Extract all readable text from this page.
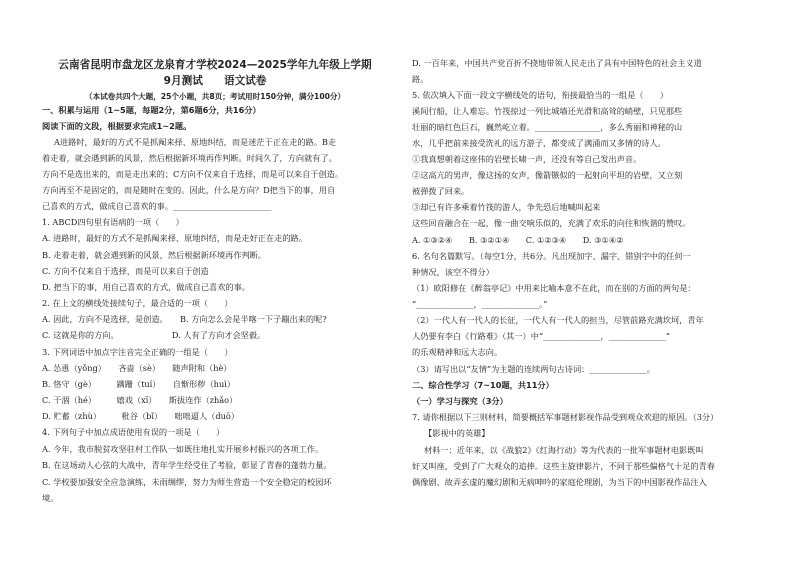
云南省昆明市盘龙区龙泉育才学校2024—2025学年九年级上学期
9月测试　　语文试卷
（本试卷共四个大题，25个小题，共8页；考试用时150分钟，满分100分）
一、积累与运用（1~5题，每题2分，第6题6分，共16分）
阅读下面的文段，根据要求完成1~2题。
A进路时，最好的方式不是抓阄来择、原地纠结，而是迷茫于正在走的路。B走
着走着，就会遇到新的风景，然后根据新环境再作判断。时间久了，方向就有了。
方向不是选出来的，而是走出来的；C方向不仅来自于选择，而是可以来自于创造。
方向再至不是固定的，而是随时在变的。因此，什么是方向？D把当下的事，用自
己喜欢的方式，做成自己喜欢的事。________________________
1. ABCD四句里有语病的一项（　　）
A. 进路时，最好的方式不是抓阄来择、原地纠结，而是走好正在走的路。
B. 走着走着，就会遇到新的风景，然后根据新环境再作判断。
C. 方向不仅来自于选择，而是可以来自于创造
D. 把当下的事，用自己喜欢的方式，做成自己喜欢的事。
2. 在上文的横线处接续句子，最合适的一项（　　）
A. 因此，方向不是选择，是创造。　　B. 方向怎么会是半喀一下子蹦出来的呢?
C. 这就是你的方向。　　　　　　　D. 人有了方向才会坚毅。
3. 下列词语中加点字注音完全正确的一组是（　　）
A. 怂恿（yǒng）　　吝啬（sè）　　随声附和（hè）
B. 恪守（gè）　　　蹒跚（tuí）　　自惭形秽（huì）
C. 干涸（hé）　　　嬉戏（xī）　　斯拔连作（zhǎo）
D. 贮蓄（zhù）　　　秕谷（bǐ）　　咄咄逼人（duō）
4. 下列句子中加点成语使用有误的一项是（　　）
A. 今年，我市脱贫攻坚驻村工作队一如既往地扎实开展乡村振兴的各项工作。
B. 在这场动人心弦的大战中，青年学生经受住了考验，彰显了青春的蓬勃力量。
C. 学校要加强安全应急演练，未雨绸缪，努力为师生营造一个安全稳定的校园环
境。
D. 一百年来，中国共产党百折不挠地带领人民走出了具有中国特色的社会主义道
路。
5. 依次填入下面一段文字横线处的语句，衔接最恰当的一组是（　　）
溪间行船，让人难忘。竹筏掠过一列比城墙还光滑和高耸的峭壁，只见那些
壮丽的暗红色巨石，巍然屹立着。________________，多么秀丽和神秘的山
水，几乎把前来接受洗礼的远方游子，都变成了满涌而又多情的诗人。
①我真想朝着这座伟的岩壁长啸一声，还没有等自己发出声音。
②这高亢的男声，像这扬的女声，像箭镞似的一起射向平坦的岩壁，又立刻
被弹拨了回来。
③却已有许多乘着竹筏的游人，争先恐后地喊叫起来
这些回音融合在一起，像一曲交响乐似的，充满了欢乐的向往和恢谐的赞叹。
A. ①③②④　　B. ③②①④　　C. ①②③④　　D. ③①④②
6. 名句名篇默写。（每空1分，共6分。凡出现加字、漏字、错别字中的任何一
种情况，该空不得分）
（1）欧阳修在《醉翁亭记》中用来比喻本意不在此，而在别的方面的两句是：
“______________，______________。”
（2）一代人有一代人的长征，一代人有一代人的担当，尽管前路充满坎坷，青年
人仍要有李白《行路难》（其一）中“______________，______________”
的乐观精神和远大志向。
（3）请写出以“友情”为主题的连续两句古诗词：______________。
二、综合性学习（7~10题，共11分）
（一）学习与探究（3分）
7. 请你根据以下三则材料，简要概括军事题材影视作品受到观众欢迎的原因。（3分）
【影视中的英雄】
材料一：近年来，以《战狼2》《红海行动》等为代表的一批军事题材电影既叫
好又叫座，受到了广大观众的追捧。这些主旋律影片，不同于那些偏格气十足的青春
偶像剧、故弄玄虚的魔幻剧和无病呻吟的家庭伦理剧，为当下的中国影视作品注入
